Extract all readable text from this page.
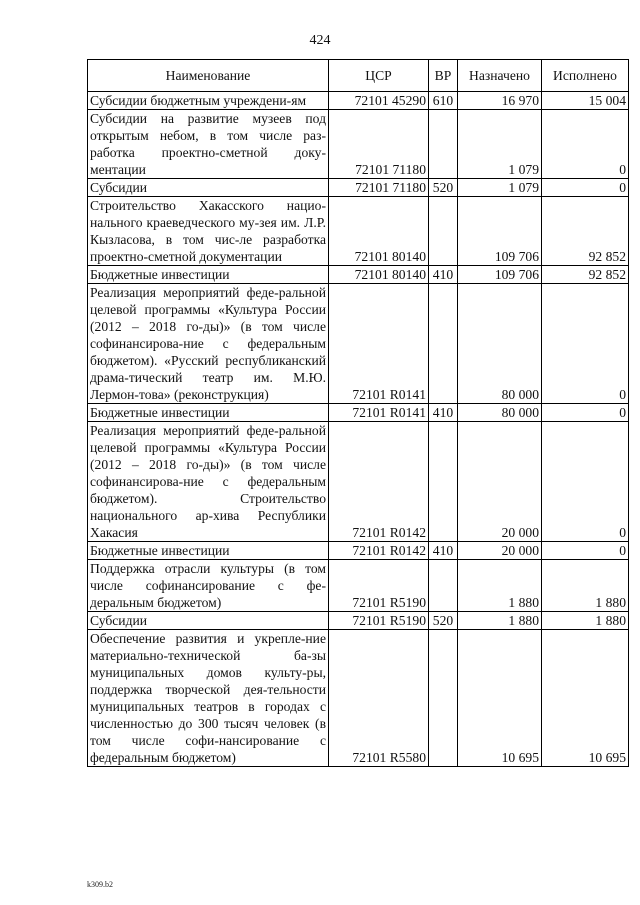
424
Наименование	ЦСР	ВР	Назначено	Исполнено
Субсидии бюджетным учреждени-ям	72101 45290	610	16 970	15 004
Субсидии на развитие музеев под открытым небом, в том числе раз-работка проектно-сметной доку-ментации	72101 71180		1 079	0
Субсидии	72101 71180	520	1 079	0
Строительство Хакасского нацио-нального краеведческого му-зея им. Л.Р. Кызласова, в том чис-ле разработка проектно-сметной документации	72101 80140		109 706	92 852
Бюджетные инвестиции	72101 80140	410	109 706	92 852
Реализация мероприятий феде-ральной целевой программы «Культура России (2012 – 2018 го-ды)» (в том числе софинансирова-ние с федеральным бюджетом). «Русский республиканский драма-тический театр им. М.Ю. Лермон-това» (реконструкция)	72101 R0141		80 000	0
Бюджетные инвестиции	72101 R0141	410	80 000	0
Реализация мероприятий феде-ральной целевой программы «Культура России (2012 – 2018 го-ды)» (в том числе софинансирова-ние с федеральным бюджетом). Строительство национального ар-хива Республики Хакасия	72101 R0142		20 000	0
Бюджетные инвестиции	72101 R0142	410	20 000	0
Поддержка отрасли культуры (в том числе софинансирование с фе-деральным бюджетом)	72101 R5190		1 880	1 880
Субсидии	72101 R5190	520	1 880	1 880
Обеспечение развития и укрепле-ние материально-технической ба-зы муниципальных домов культу-ры, поддержка творческой дея-тельности муниципальных театров в городах с численностью до 300 тысяч человек (в том числе софи-нансирование с федеральным бюджетом)	72101 R5580		10 695	10 695
k309.b2
